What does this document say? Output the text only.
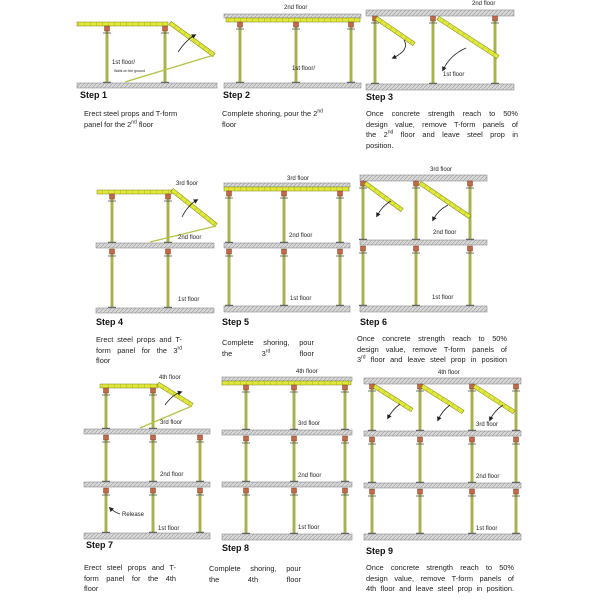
1st floor/
Walls on the ground
Step 1
Erect steel props and T-form
panel for the 2nd floor
2nd floor
1st floor/
Step 2
Complete shoring, pour the 2nd
floor
2nd floor
1st floor
Step 3
Once concrete strength reach to 50%
design value, remove T-form panels of
the 2nd floor and leave steel prop in
position.
3rd floor
2nd floor
1st floor
Step 4
Erect steel props and T-
form panel for the 3rd
floor
3rd floor
2nd floor
1st floor
Step 5
Complete shoring, pour
the 3rd floor
3rd floor
2nd floor
1st floor
Step 6
Once concrete strength reach to 50%
design value, remove T-form panels of
3rd floor and leave steel prop in position
4th floor
3rd floor
2nd floor
1st floor
Release
Step 7
Erect steel props and T-
form panel for the 4th
floor
4th floor
3rd floor
2nd floor
1st floor
Step 8
Complete shoring, pour
the 4th floor
4th floor
3rd floor
2nd floor
1st floor
Step 9
Once concrete strength reach to 50%
design value, remove T-form panels of
4th floor and leave steel prop in position.
